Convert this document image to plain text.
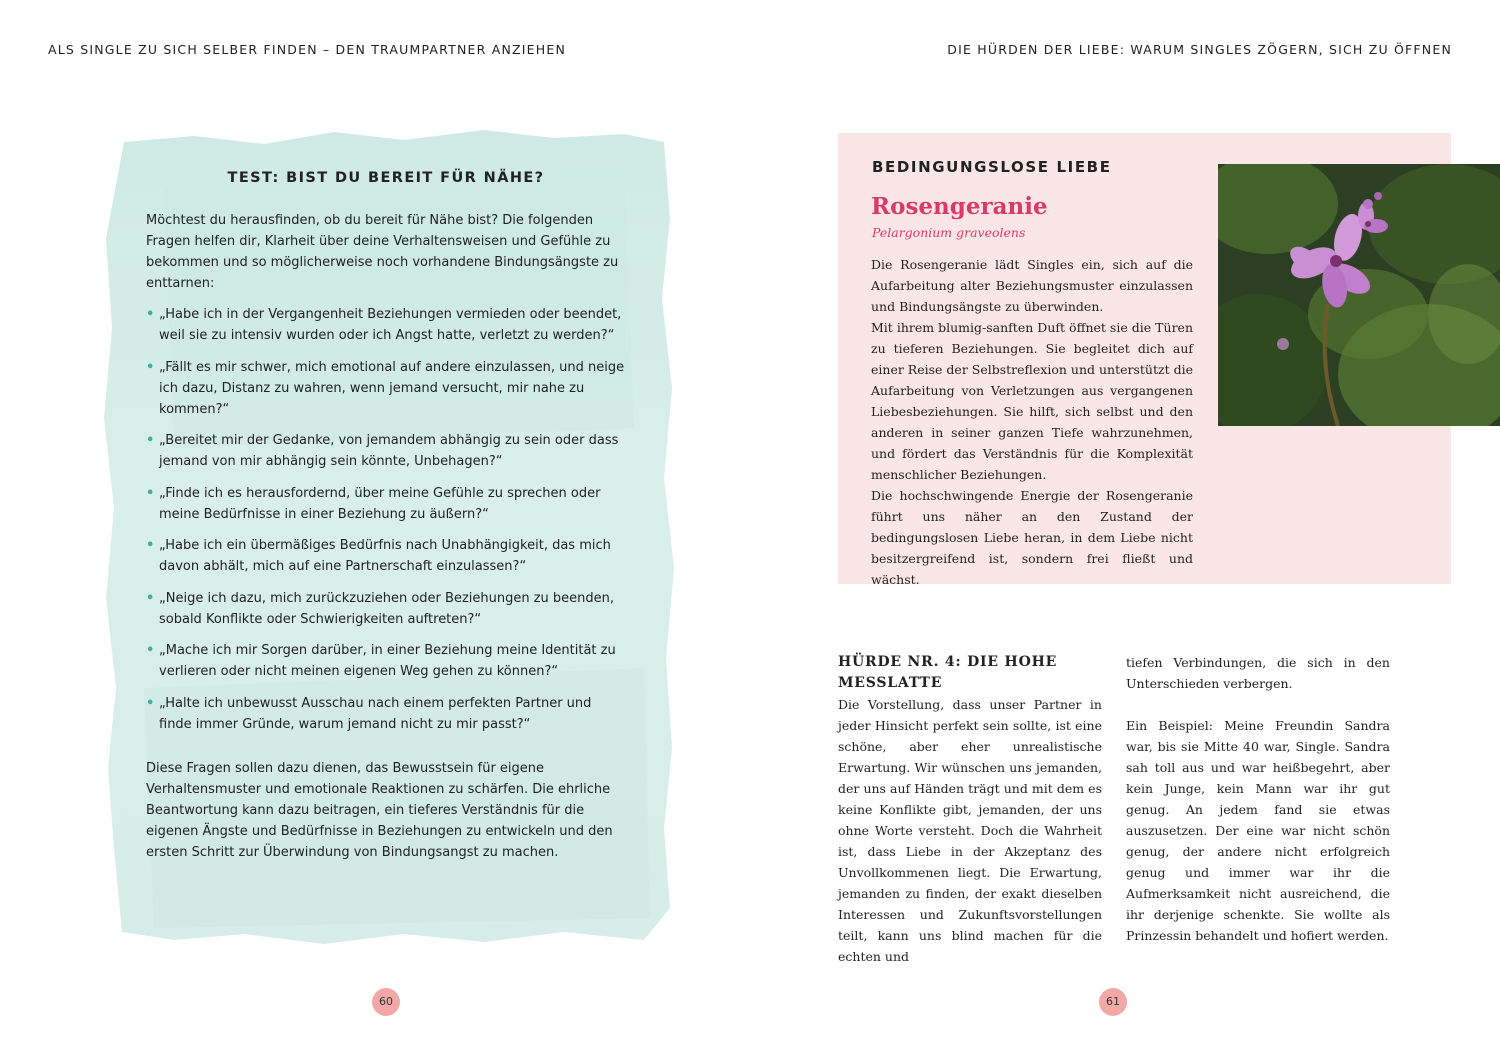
ALS SINGLE ZU SICH SELBER FINDEN – DEN TRAUMPARTNER ANZIEHEN	DIE HÜRDEN DER LIEBE: WARUM SINGLES ZÖGERN, SICH ZU ÖFFNEN
TEST: BIST DU BEREIT FÜR NÄHE?

Möchtest du herausfinden, ob du bereit für Nähe bist? Die folgenden Fragen helfen dir, Klarheit über deine Verhaltensweisen und Gefühle zu bekommen und so möglicherweise noch vorhandene Bindungsängste zu enttarnen:

• „Habe ich in der Vergangenheit Beziehungen vermieden oder beendet, weil sie zu intensiv wurden oder ich Angst hatte, verletzt zu werden?“
• „Fällt es mir schwer, mich emotional auf andere einzulassen, und neige ich dazu, Distanz zu wahren, wenn jemand versucht, mir nahe zu kommen?“
• „Bereitet mir der Gedanke, von jemandem abhängig zu sein oder dass jemand von mir abhängig sein könnte, Unbehagen?“
• „Finde ich es herausfordernd, über meine Gefühle zu sprechen oder meine Bedürfnisse in einer Beziehung zu äußern?“
• „Habe ich ein übermäßiges Bedürfnis nach Unabhängigkeit, das mich davon abhält, mich auf eine Partnerschaft einzulassen?“
• „Neige ich dazu, mich zurückzuziehen oder Beziehungen zu beenden, sobald Konflikte oder Schwierigkeiten auftreten?“
• „Mache ich mir Sorgen darüber, in einer Beziehung meine Identität zu verlieren oder nicht meinen eigenen Weg gehen zu können?“
• „Halte ich unbewusst Ausschau nach einem perfekten Partner und finde immer Gründe, warum jemand nicht zu mir passt?“

Diese Fragen sollen dazu dienen, das Bewusstsein für eigene Verhaltensmuster und emotionale Reaktionen zu schärfen. Die ehrliche Beantwortung kann dazu beitragen, ein tieferes Verständnis für die eigenen Ängste und Bedürfnisse in Beziehungen zu entwickeln und den ersten Schritt zur Überwindung von Bindungsangst zu machen.

BEDINGUNGSLOSE LIEBE
Rosengeranie
Pelargonium graveolens

Die Rosengeranie lädt Singles ein, sich auf die Aufarbeitung alter Beziehungsmuster einzulassen und Bindungsängste zu überwinden.

Mit ihrem blumig-sanften Duft öffnet sie die Türen zu tieferen Beziehungen. Sie begleitet dich auf einer Reise der Selbstreflexion und unterstützt die Aufarbeitung von Verletzungen aus vergangenen Liebesbeziehungen. Sie hilft, sich selbst und den anderen in seiner ganzen Tiefe wahrzunehmen, und fördert das Verständnis für die Komplexität menschlicher Beziehungen.

Die hochschwingende Energie der Rosengeranie führt uns näher an den Zustand der bedingungslosen Liebe heran, in dem Liebe nicht besitzergreifend ist, sondern frei fließt und wächst.

HÜRDE NR. 4: DIE HOHE MESSLATTE

Die Vorstellung, dass unser Partner in jeder Hinsicht perfekt sein sollte, ist eine schöne, aber eher unrealistische Erwartung. Wir wünschen uns jemanden, der uns auf Händen trägt und mit dem es keine Konflikte gibt, jemanden, der uns ohne Worte versteht. Doch die Wahrheit ist, dass Liebe in der Akzeptanz des Unvollkommenen liegt. Die Erwartung, jemanden zu finden, der exakt dieselben Interessen und Zukunftsvorstellungen teilt, kann uns blind machen für die echten und

tiefen Verbindungen, die sich in den Unterschieden verbergen.

Ein Beispiel: Meine Freundin Sandra war, bis sie Mitte 40 war, Single. Sandra sah toll aus und war heißbegehrt, aber kein Junge, kein Mann war ihr gut genug. An jedem fand sie etwas auszusetzen. Der eine war nicht schön genug, der andere nicht erfolgreich genug und immer war ihr die Aufmerksamkeit nicht ausreichend, die ihr derjenige schenkte. Sie wollte als Prinzessin behandelt und hofiert werden.

60	61
